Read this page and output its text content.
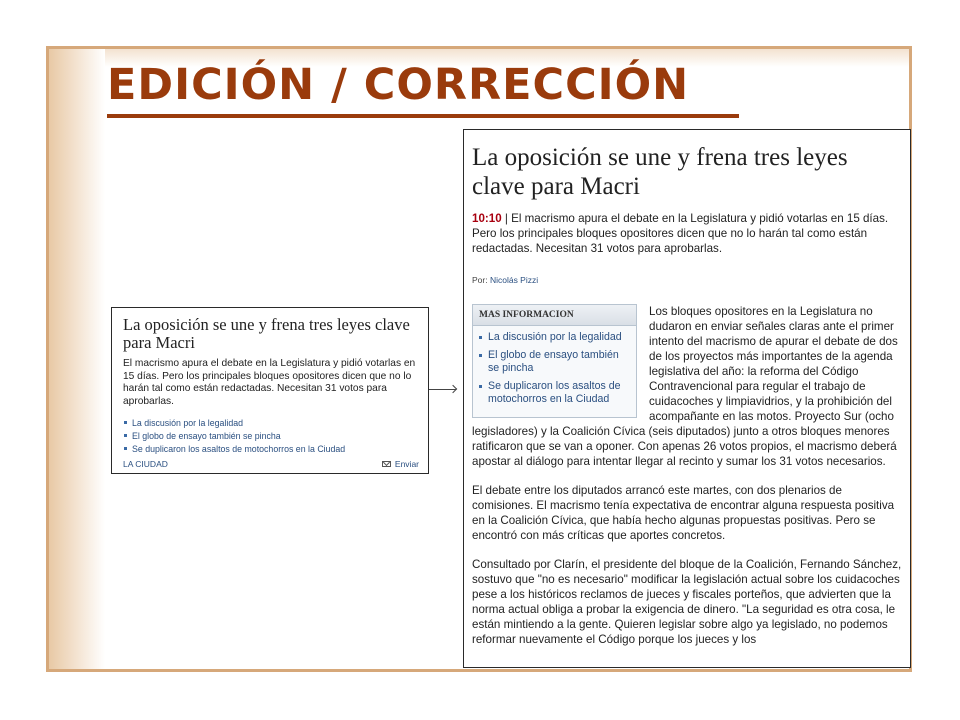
EDICIÓN / CORRECCIÓN
La oposición se une y frena tres leyes clave para Macri

El macrismo apura el debate en la Legislatura y pidió votarlas en 15 días. Pero los principales bloques opositores dicen que no lo harán tal como están redactadas. Necesitan 31 votos para aprobarlas.

La discusión por la legalidad
El globo de ensayo también se pincha
Se duplicaron los asaltos de motochorros en la Ciudad
LA CIUDAD	Enviar
La oposición se une y frena tres leyes clave para Macri

10:10 | El macrismo apura el debate en la Legislatura y pidió votarlas en 15 días. Pero los principales bloques opositores dicen que no lo harán tal como están redactadas. Necesitan 31 votos para aprobarlas.

Por: Nicolás Pizzi

MAS INFORMACION
La discusión por la legalidad
El globo de ensayo también se pincha
Se duplicaron los asaltos de motochorros en la Ciudad

Los bloques opositores en la Legislatura no dudaron en enviar señales claras ante el primer intento del macrismo de apurar el debate de dos de los proyectos más importantes de la agenda legislativa del año: la reforma del Código Contravencional para regular el trabajo de cuidacoches y limpiavidrios, y la prohibición del acompañante en las motos. Proyecto Sur (ocho legisladores) y la Coalición Cívica (seis diputados) junto a otros bloques menores ratificaron que se van a oponer. Con apenas 26 votos propios, el macrismo deberá apostar al diálogo para intentar llegar al recinto y sumar los 31 votos necesarios.

El debate entre los diputados arrancó este martes, con dos plenarios de comisiones. El macrismo tenía expectativa de encontrar alguna respuesta positiva en la Coalición Cívica, que había hecho algunas propuestas positivas. Pero se encontró con más críticas que aportes concretos.

Consultado por Clarín, el presidente del bloque de la Coalición, Fernando Sánchez, sostuvo que "no es necesario" modificar la legislación actual sobre los cuidacoches pese a los históricos reclamos de jueces y fiscales porteños, que advierten que la norma actual obliga a probar la exigencia de dinero. "La seguridad es otra cosa, le están mintiendo a la gente. Quieren legislar sobre algo ya legislado, no podemos reformar nuevamente el Código porque los jueces y los
